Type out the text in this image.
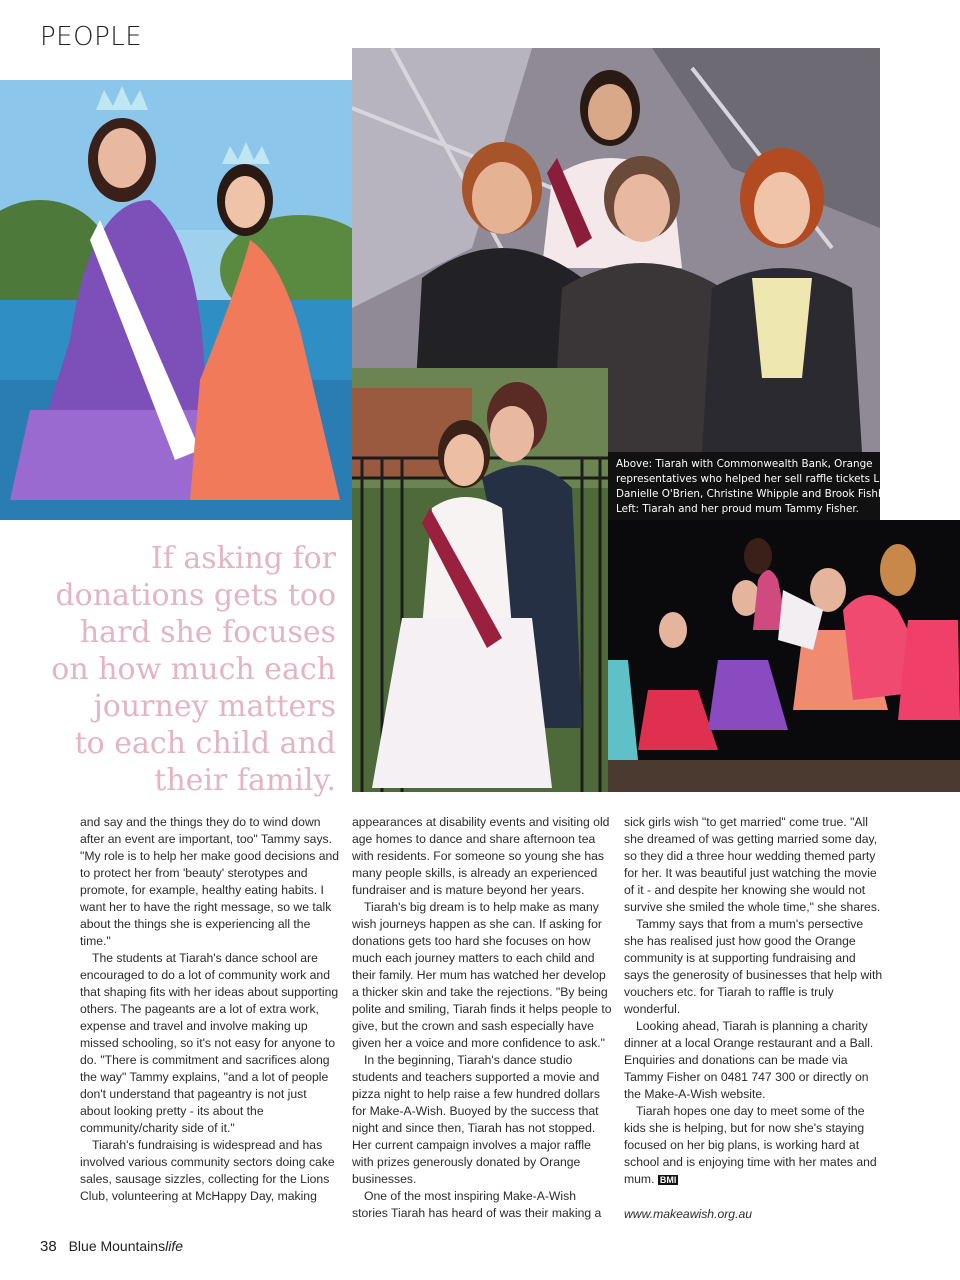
PEOPLE
Above: Tiarah with Commonwealth Bank, Orange
representatives who helped her sell raffle tickets L to R:
Danielle O'Brien, Christine Whipple and Brook Fishburn.
Left: Tiarah and her proud mum Tammy Fisher.
If asking for
donations gets too
hard she focuses
on how much each
journey matters
to each child and
their family.

and say and the things they do to wind down after an event are important, too" Tammy says. "My role is to help her make good decisions and to protect her from 'beauty' sterotypes and promote, for example, healthy eating habits. I want her to have the right message, so we talk about the things she is experiencing all the time."

The students at Tiarah's dance school are encouraged to do a lot of community work and that shaping fits with her ideas about supporting others. The pageants are a lot of extra work, expense and travel and involve making up missed schooling, so it's not easy for anyone to do. "There is commitment and sacrifices along the way" Tammy explains, "and a lot of people don't understand that pageantry is not just about looking pretty - its about the community/charity side of it."

Tiarah's fundraising is widespread and has involved various community sectors doing cake sales, sausage sizzles, collecting for the Lions Club, volunteering at McHappy Day, making

appearances at disability events and visiting old age homes to dance and share afternoon tea with residents. For someone so young she has many people skills, is already an experienced fundraiser and is mature beyond her years.

Tiarah's big dream is to help make as many wish journeys happen as she can. If asking for donations gets too hard she focuses on how much each journey matters to each child and their family. Her mum has watched her develop a thicker skin and take the rejections. "By being polite and smiling, Tiarah finds it helps people to give, but the crown and sash especially have given her a voice and more confidence to ask."

In the beginning, Tiarah's dance studio students and teachers supported a movie and pizza night to help raise a few hundred dollars for Make-A-Wish. Buoyed by the success that night and since then, Tiarah has not stopped. Her current campaign involves a major raffle with prizes generously donated by Orange businesses.

One of the most inspiring Make-A-Wish stories Tiarah has heard of was their making a

sick girls wish "to get married" come true. "All she dreamed of was getting married some day, so they did a three hour wedding themed party for her. It was beautiful just watching the movie of it - and despite her knowing she would not survive she smiled the whole time," she shares.

Tammy says that from a mum's persective she has realised just how good the Orange community is at supporting fundraising and says the generosity of businesses that help with vouchers etc. for Tiarah to raffle is truly wonderful.

Looking ahead, Tiarah is planning a charity dinner at a local Orange restaurant and a Ball. Enquiries and donations can be made via Tammy Fisher on 0481 747 300 or directly on the Make-A-Wish website.

Tiarah hopes one day to meet some of the kids she is helping, but for now she's staying focused on her big plans, is working hard at school and is enjoying time with her mates and mum. BMl

www.makeawish.org.au

38 Blue Mountainslife
